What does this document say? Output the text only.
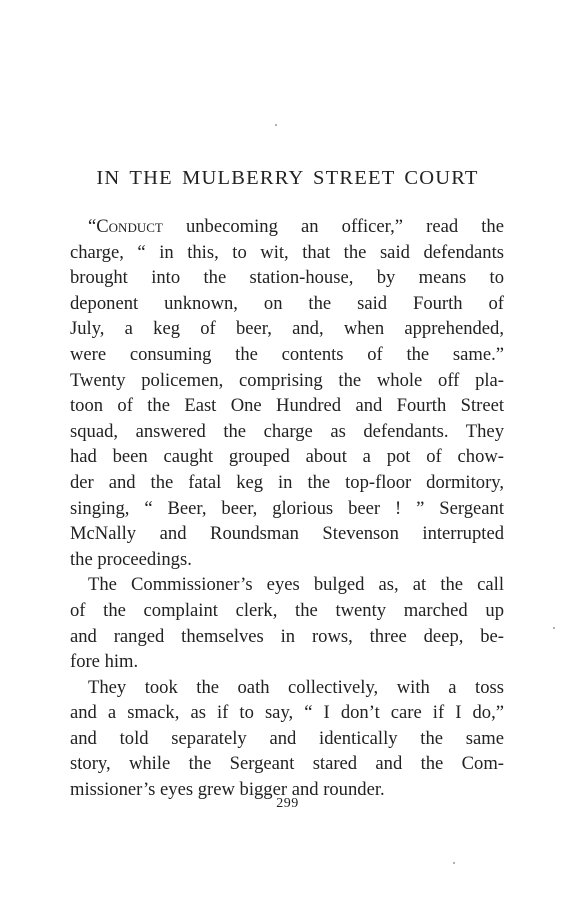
IN THE MULBERRY STREET COURT
“Conduct unbecoming an officer,” read the
charge, “ in this, to wit, that the said defendants
brought into the station-house, by means to
deponent unknown, on the said Fourth of
July, a keg of beer, and, when apprehended,
were consuming the contents of the same.”
Twenty policemen, comprising the whole off pla-
toon of the East One Hundred and Fourth Street
squad, answered the charge as defendants. They
had been caught grouped about a pot of chow-
der and the fatal keg in the top-floor dormitory,
singing, “ Beer, beer, glorious beer ! ” Sergeant
McNally and Roundsman Stevenson interrupted
the proceedings.
The Commissioner’s eyes bulged as, at the call
of the complaint clerk, the twenty marched up
and ranged themselves in rows, three deep, be-
fore him.
They took the oath collectively, with a toss
and a smack, as if to say, “ I don’t care if I do,”
and told separately and identically the same
story, while the Sergeant stared and the Com-
missioner’s eyes grew bigger and rounder.
299
